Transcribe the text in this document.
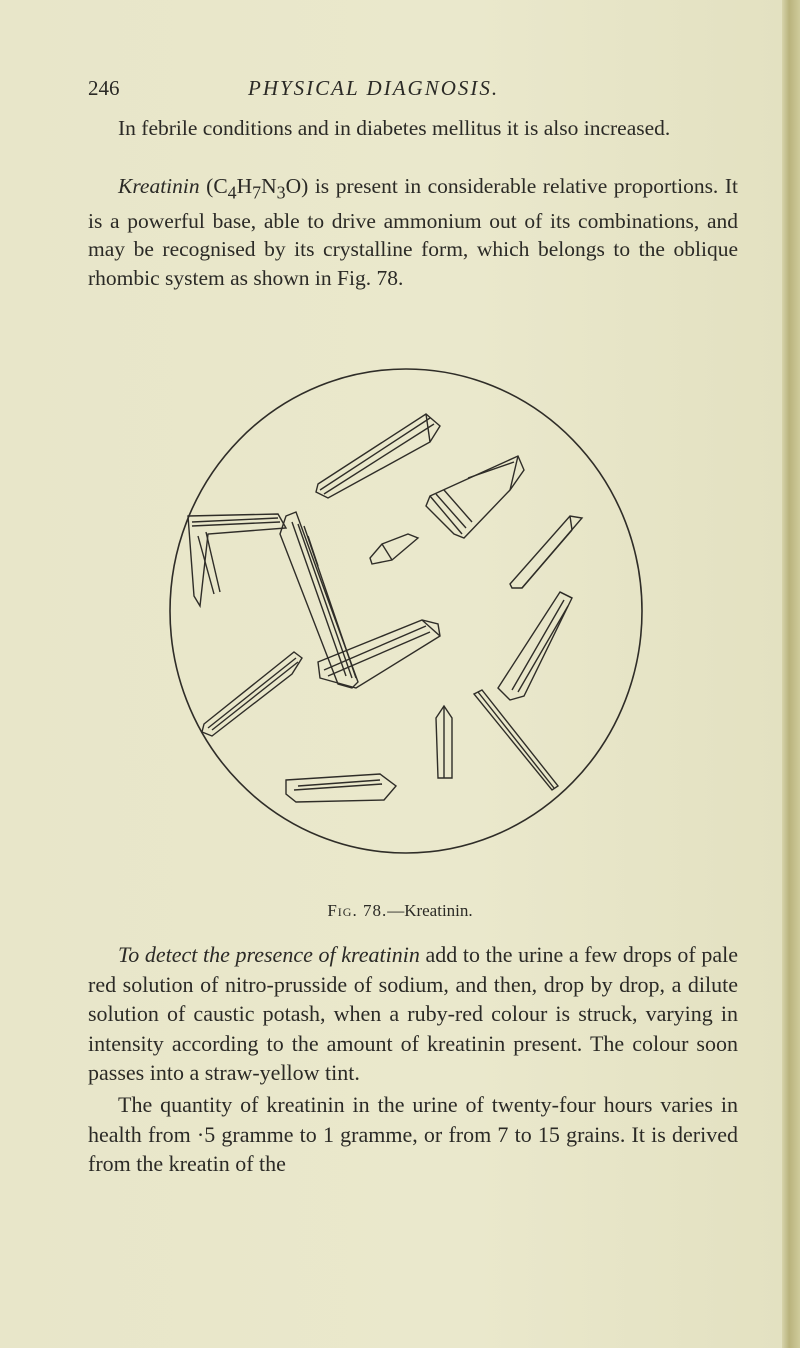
246	PHYSICAL DIAGNOSIS.

In febrile conditions and in diabetes mellitus it is also increased.

Kreatinin $(C_4H_7N_3O)$ is present in considerable relative proportions. It is a powerful base, able to drive ammonium out of its combinations, and may be recognised by its crystalline form, which belongs to the oblique rhombic system as shown in Fig. 78.

Fig. 78.—Kreatinin.

To detect the presence of kreatinin add to the urine a few drops of pale red solution of nitro-prusside of sodium, and then, drop by drop, a dilute solution of caustic potash, when a ruby-red colour is struck, varying in intensity according to the amount of kreatinin present. The colour soon passes into a straw-yellow tint.

The quantity of kreatinin in the urine of twenty-four hours varies in health from ·5 gramme to 1 gramme, or from 7 to 15 grains. It is derived from the kreatin of the
